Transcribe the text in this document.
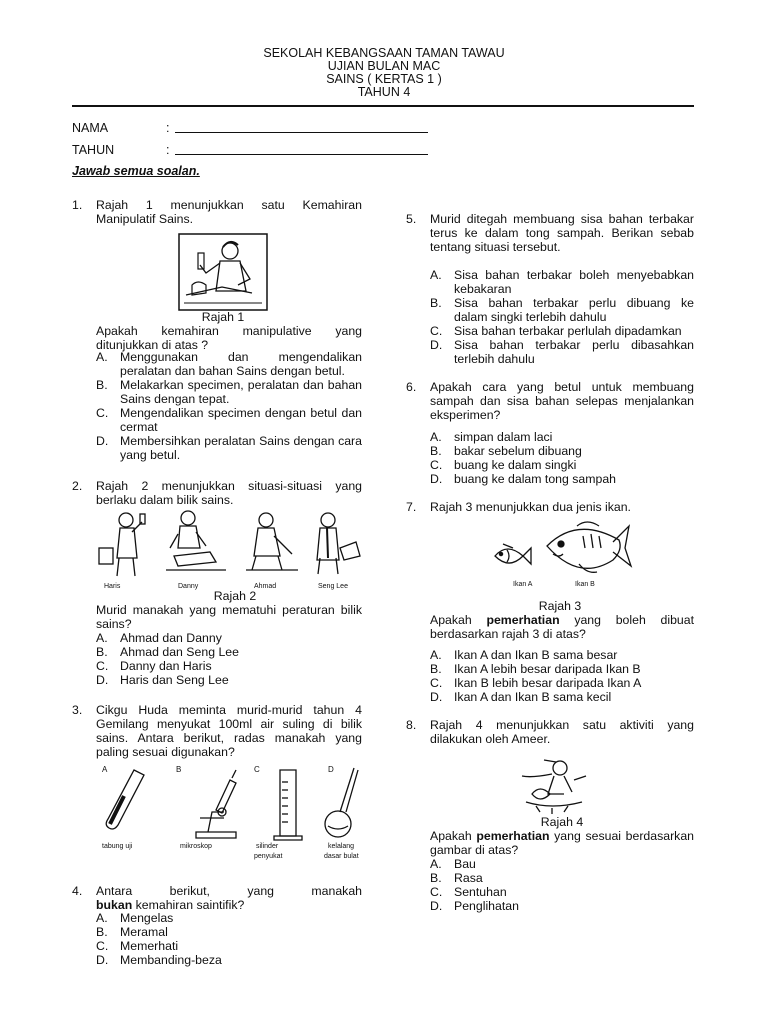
SEKOLAH KEBANGSAAN TAMAN TAWAU
UJIAN BULAN MAC
SAINS ( KERTAS 1 )
TAHUN 4
NAMA	:
TAHUN	:
Jawab semua soalan.
1. Rajah 1 menunjukkan satu Kemahiran Manipulatif Sains.
Rajah 1
Apakah kemahiran manipulative yang ditunjukkan di atas ?
A. Menggunakan dan mengendalikan peralatan dan bahan Sains dengan betul.
B. Melakarkan specimen, peralatan dan bahan Sains dengan tepat.
C. Mengendalikan specimen dengan betul dan cermat
D. Membersihkan peralatan Sains dengan cara yang betul.
2. Rajah 2 menunjukkan situasi-situasi yang berlaku dalam bilik sains.
Haris	Danny	Ahmad	Seng Lee
Rajah 2
Murid manakah yang mematuhi peraturan bilik sains?
A. Ahmad dan Danny
B. Ahmad dan Seng Lee
C. Danny dan Haris
D. Haris dan Seng Lee
3. Cikgu Huda meminta murid-murid tahun 4 Gemilang menyukat 100ml air suling di bilik sains. Antara berikut, radas manakah yang paling sesuai digunakan?
A	B	C	D
tabung uji	mikroskop	silinder
penyukat
kelalang
dasar bulat
4. Antara berikut, yang manakah bukan kemahiran saintifik?
A. Mengelas
B. Meramal
C. Memerhati
D. Membanding-beza
5. Murid ditegah membuang sisa bahan terbakar terus ke dalam tong sampah. Berikan sebab tentang situasi tersebut.
A. Sisa bahan terbakar boleh menyebabkan kebakaran
B. Sisa bahan terbakar perlu dibuang ke dalam singki terlebih dahulu
C. Sisa bahan terbakar perlulah dipadamkan
D. Sisa bahan terbakar perlu dibasahkan terlebih dahulu
6. Apakah cara yang betul untuk membuang sampah dan sisa bahan selepas menjalankan eksperimen?
A. simpan dalam laci
B. bakar sebelum dibuang
C. buang ke dalam singki
D. buang ke dalam tong sampah
7. Rajah 3 menunjukkan dua jenis ikan.
Ikan A	Ikan B
Rajah 3
Apakah pemerhatian yang boleh dibuat berdasarkan rajah 3 di atas?
A. Ikan A dan Ikan B sama besar
B. Ikan A lebih besar daripada Ikan B
C. Ikan B lebih besar daripada Ikan A
D. Ikan A dan Ikan B sama kecil
8. Rajah 4 menunjukkan satu aktiviti yang dilakukan oleh Ameer.
Rajah 4
Apakah pemerhatian yang sesuai berdasarkan gambar di atas?
A. Bau
B. Rasa
C. Sentuhan
D. Penglihatan
